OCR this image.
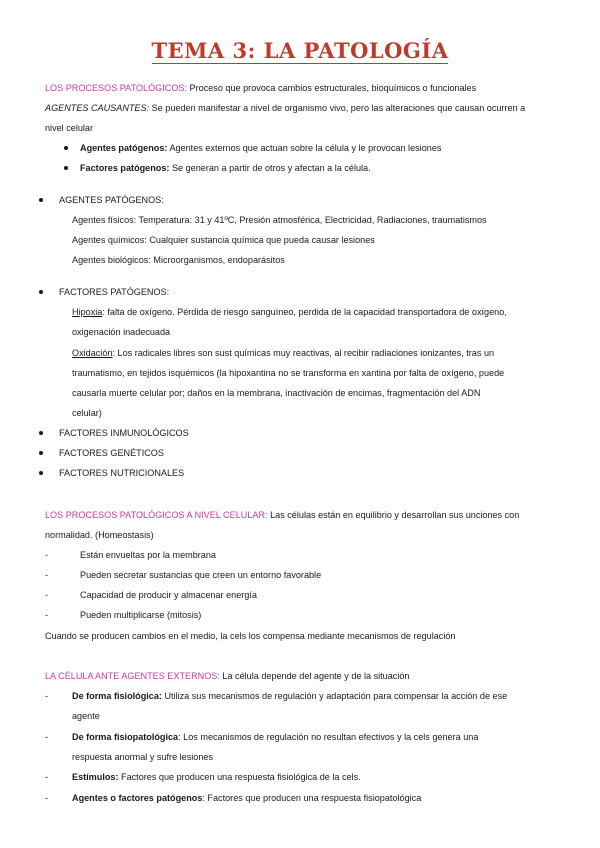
TEMA 3: LA PATOLOGÍA
LOS PROCESOS PATOLÓGICOS: Proceso que provoca cambios estructurales, bioquímicos o funcionales
AGENTES CAUSANTES: Se pueden manifestar a nivel de organismo vivo, pero las alteraciones que causan ocurren a
nivel celular
Agentes patógenos: Agentes externos que actuan sobre la célula y le provocan lesiones
Factores patógenos: Se generan a partir de otros y afectan a la célula.
AGENTES PATÓGENOS:
Agentes físicos: Temperatura: 31 y 41ºC, Presión atmosférica, Electricidad, Radiaciones, traumatismos
Agentes químicos: Cualquier sustancia química que pueda causar lesiones
Agentes biológicos: Microorganismos, endoparásitos
FACTORES PATÓGENOS:
Hipoxia: falta de oxígeno. Pérdida de riesgo sanguíneo, perdida de la capacidad transportadora de oxígeno,
oxigenación inadecuada
Oxidación: Los radicales libres son sust químicas muy reactivas, al recibir radiaciones ionizantes, tras un
traumatismo, en tejidos isquémicos (la hipoxantina no se transforma en xantina por falta de oxígeno, puede
causarla muerte celular por; daños en la membrana, inactivación de encimas, fragmentación del ADN
celular)
FACTORES INMUNOLÓGICOS
FACTORES GENÉTICOS
FACTORES NUTRICIONALES
LOS PROCESOS PATOLÓGICOS A NIVEL CELULAR: Las células están en equilibrio y desarrollan sus unciones con
normalidad. (Homeostasis)
-	Están envueltas por la membrana
-	Pueden secretar sustancias que creen un entorno favorable
-	Capacidad de producir y almacenar energía
-	Pueden multiplicarse (mitosis)
Cuando se producen cambios en el medio, la cels los compensa mediante mecanismos de regulación
LA CÉLULA ANTE AGENTES EXTERNOS: La célula depende del agente y de la situación
-	De forma fisiológica: Utiliza sus mecanismos de regulación y adaptación para compensar la acción de ese
agente
-	De forma fisiopatológica: Los mecanismos de regulación no resultan efectivos y la cels genera una
respuesta anormal y sufre lesiones
-	Estímulos: Factores que producen una respuesta fisiológica de la cels.
-	Agentes o factores patógenos: Factores que producen una respuesta fisiopatológica
